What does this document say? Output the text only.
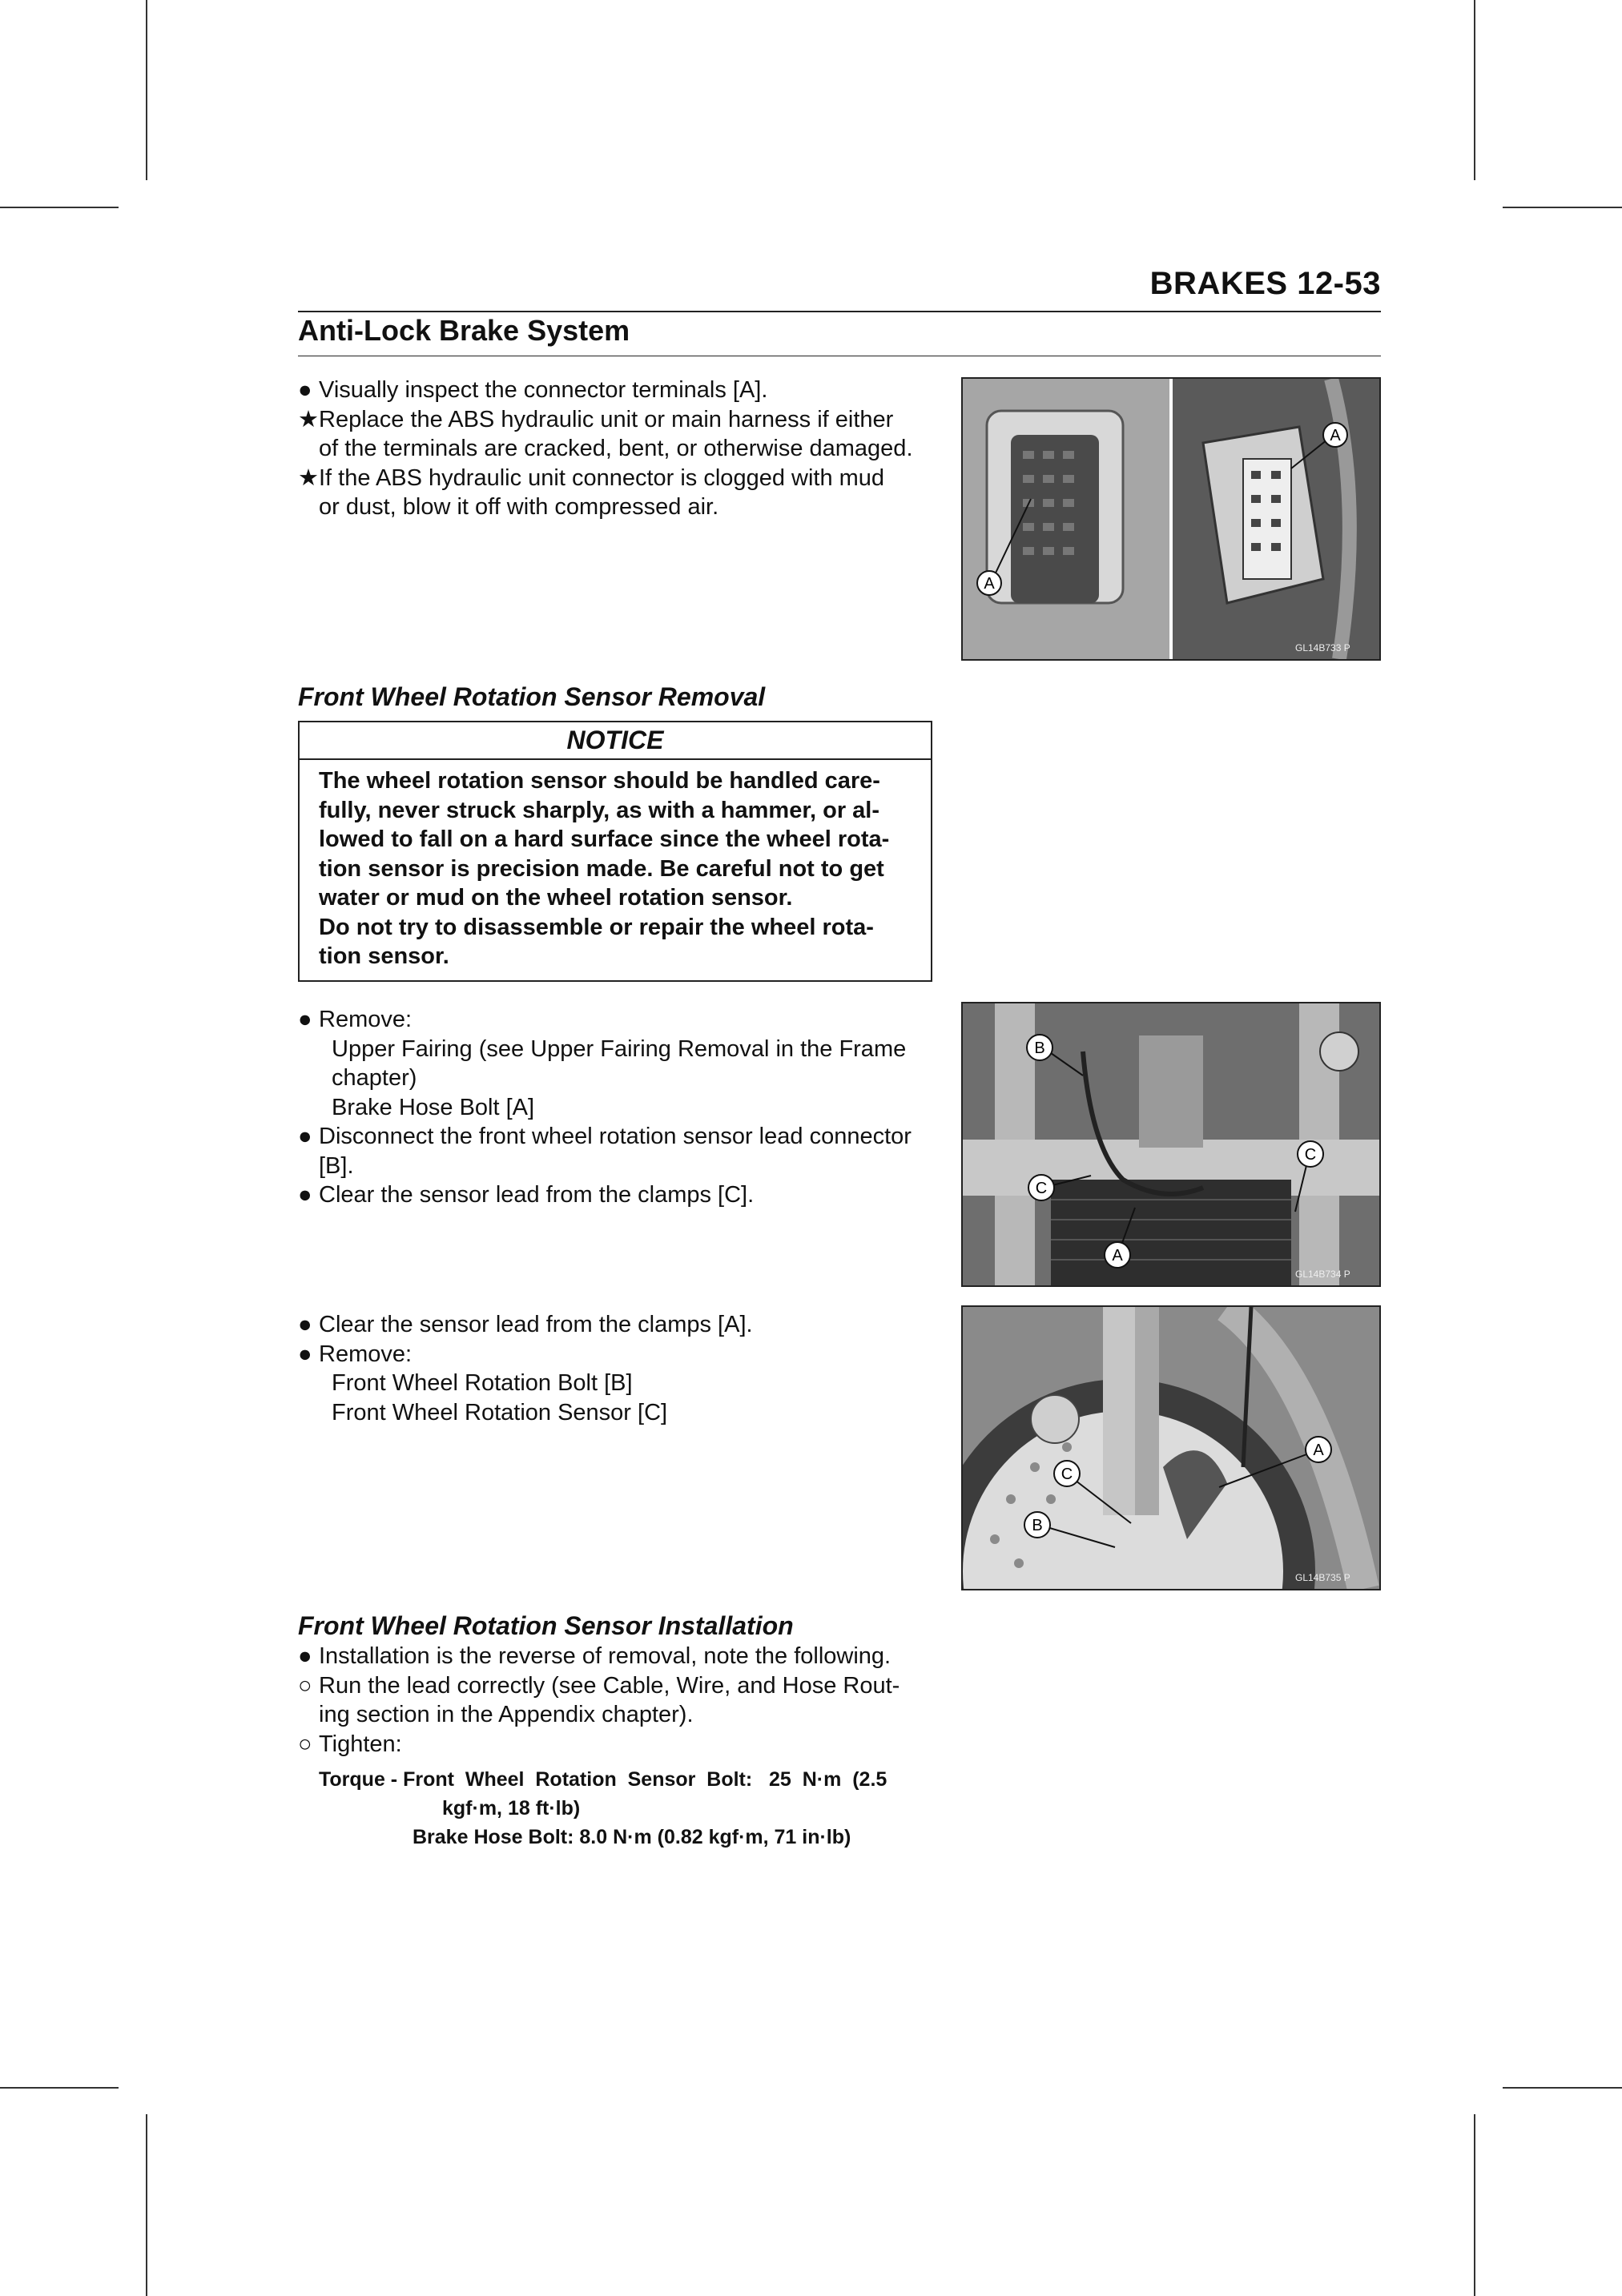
BRAKES 12-53
Anti-Lock Brake System
● Visually inspect the connector terminals [A].
★ Replace the ABS hydraulic unit or main harness if either
of the terminals are cracked, bent, or otherwise damaged.
★ If the ABS hydraulic unit connector is clogged with mud
or dust, blow it off with compressed air.
A
A
GL14B733 P
Front Wheel Rotation Sensor Removal
NOTICE
The wheel rotation sensor should be handled care-
fully, never struck sharply, as with a hammer, or al-
lowed to fall on a hard surface since the wheel rota-
tion sensor is precision made. Be careful not to get
water or mud on the wheel rotation sensor.
Do not try to disassemble or repair the wheel rota-
tion sensor.
● Remove:
Upper Fairing (see Upper Fairing Removal in the Frame
chapter)
Brake Hose Bolt [A]
● Disconnect the front wheel rotation sensor lead connector
[B].
● Clear the sensor lead from the clamps [C].
B
C
C
A
GL14B734 P
● Clear the sensor lead from the clamps [A].
● Remove:
Front Wheel Rotation Bolt [B]
Front Wheel Rotation Sensor [C]
A
C
B
GL14B735 P
Front Wheel Rotation Sensor Installation
● Installation is the reverse of removal, note the following.
○ Run the lead correctly (see Cable, Wire, and Hose Rout-
ing section in the Appendix chapter).
○ Tighten:
Torque - Front  Wheel  Rotation  Sensor  Bolt:   25  N·m  (2.5
kgf·m, 18 ft·lb)
Brake Hose Bolt: 8.0 N·m (0.82 kgf·m, 71 in·lb)
